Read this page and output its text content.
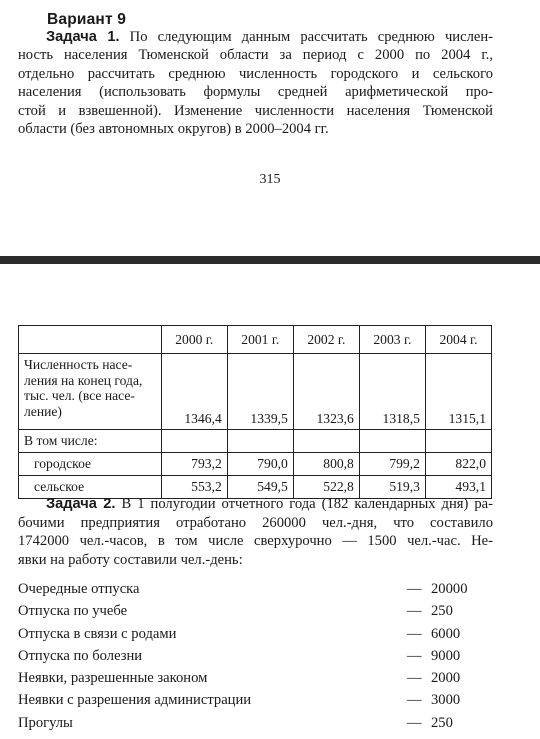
Вариант 9
Задача 1. По следующим данным рассчитать среднюю числен-
ность населения Тюменской области за период с 2000 по 2004 г.,
отдельно рассчитать среднюю численность городского и сельского
населения (использовать формулы средней арифметической про-
стой и взвешенной). Изменение численности населения Тюменской
области (без автономных округов) в 2000–2004 гг.
315
	2000 г.	2001 г.	2002 г.	2003 г.	2004 г.

Численность насе-
ления на конец года,
тыс. чел. (все насе-
ление)	1346,4	1339,5	1323,6	1318,5	1315,1
В том числе:					
городское	793,2	790,0	800,8	799,2	822,0
сельское	553,2	549,5	522,8	519,3	493,1
Задача 2. В 1 полугодии отчетного года (182 календарных дня) ра-
бочими предприятия отработано 260000 чел.-дня, что составило
1742000 чел.-часов, в том числе сверхурочно — 1500 чел.-час. Не-
явки на работу составили чел.-день:
Очередные отпуска	— 20000
Отпуска по учебе	— 250
Отпуска в связи с родами	— 6000
Отпуска по болезни	— 9000
Неявки, разрешенные законом	— 2000
Неявки с разрешения администрации	— 3000
Прогулы	— 250
